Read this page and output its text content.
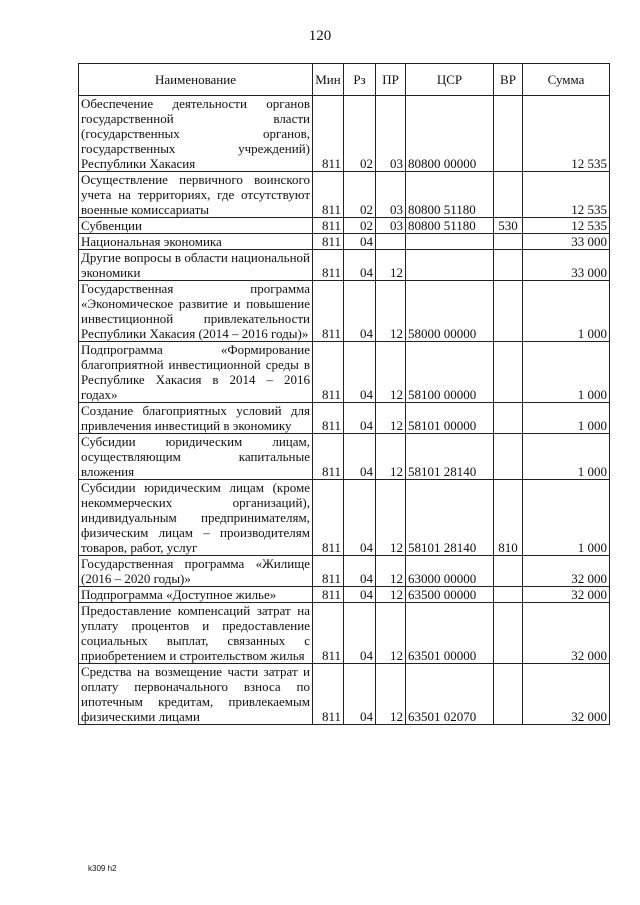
120
Наименование	Мин	Рз	ПР	ЦСР	ВР	Сумма
Обеспечение деятельности органов государственной власти (государственных органов, государственных учреждений) Республики Хакасия	811	02	03	80800 00000		12 535
Осуществление первичного воинского учета на территориях, где отсутствуют военные комиссариаты	811	02	03	80800 51180		12 535
Субвенции	811	02	03	80800 51180	530	12 535
Национальная экономика	811	04				33 000
Другие вопросы в области национальной экономики	811	04	12			33 000
Государственная программа «Экономическое развитие и повышение инвестиционной привлекательности Республики Хакасия (2014 – 2016 годы)»	811	04	12	58000 00000		1 000
Подпрограмма «Формирование благоприятной инвестиционной среды в Республике Хакасия в 2014 – 2016 годах»	811	04	12	58100 00000		1 000
Создание благоприятных условий для привлечения инвестиций в экономику	811	04	12	58101 00000		1 000
Субсидии юридическим лицам, осуществляющим капитальные вложения	811	04	12	58101 28140		1 000
Субсидии юридическим лицам (кроме некоммерческих организаций), индивидуальным предпринимателям, физическим лицам – производителям товаров, работ, услуг	811	04	12	58101 28140	810	1 000
Государственная программа «Жилище (2016 – 2020 годы)»	811	04	12	63000 00000		32 000
Подпрограмма «Доступное жилье»	811	04	12	63500 00000		32 000
Предоставление компенсаций затрат на уплату процентов и предоставление социальных выплат, связанных с приобретением и строительством жилья	811	04	12	63501 00000		32 000
Средства на возмещение части затрат и оплату первоначального взноса по ипотечным кредитам, привлекаемым физическими лицами	811	04	12	63501 02070		32 000
k309 h2
